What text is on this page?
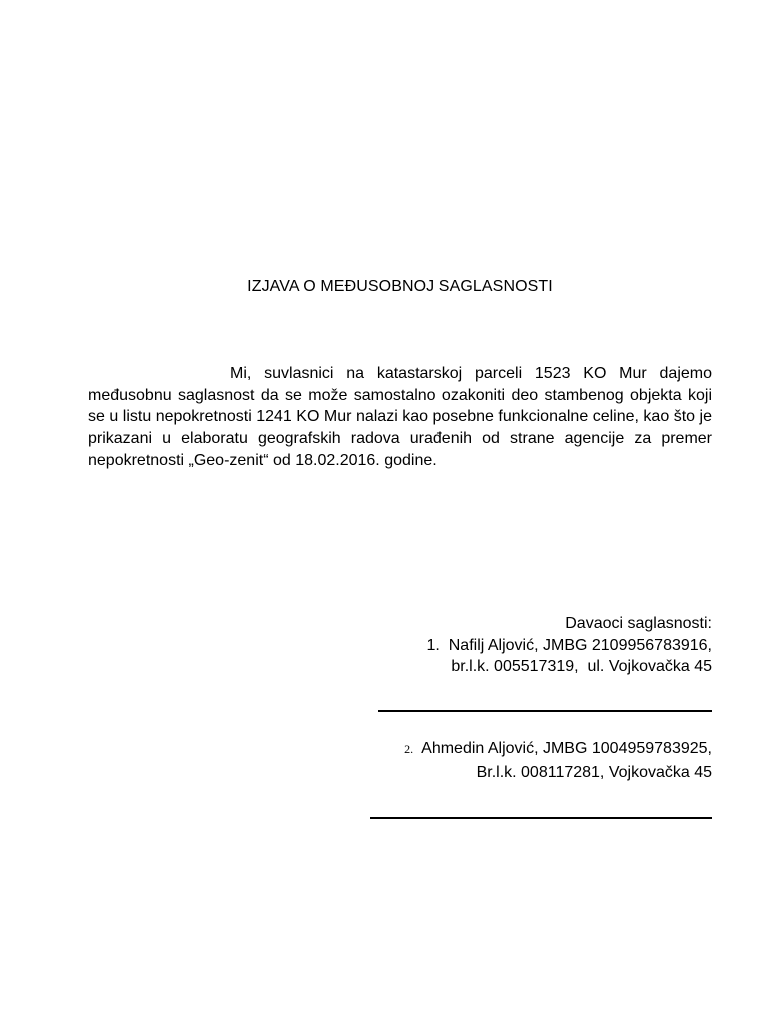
IZJAVA O MEĐUSOBNOJ SAGLASNOSTI

Mi, suvlasnici na katastarskoj parceli 1523 KO Mur dajemo međusobnu saglasnost da se može samostalno ozakoniti deo stambenog objekta koji se u listu nepokretnosti 1241 KO Mur nalazi kao posebne funkcionalne celine, kao što je prikazani u elaboratu geografskih radova urađenih od strane agencije za premer nepokretnosti „Geo-zenit“ od 18.02.2016. godine.

Davaoci saglasnosti:
1. Nafilj Aljović, JMBG 2109956783916,
br.l.k. 005517319,  ul. Vojkovačka 45
2. Ahmedin Aljović, JMBG 1004959783925,
Br.l.k. 008117281, Vojkovačka 45
